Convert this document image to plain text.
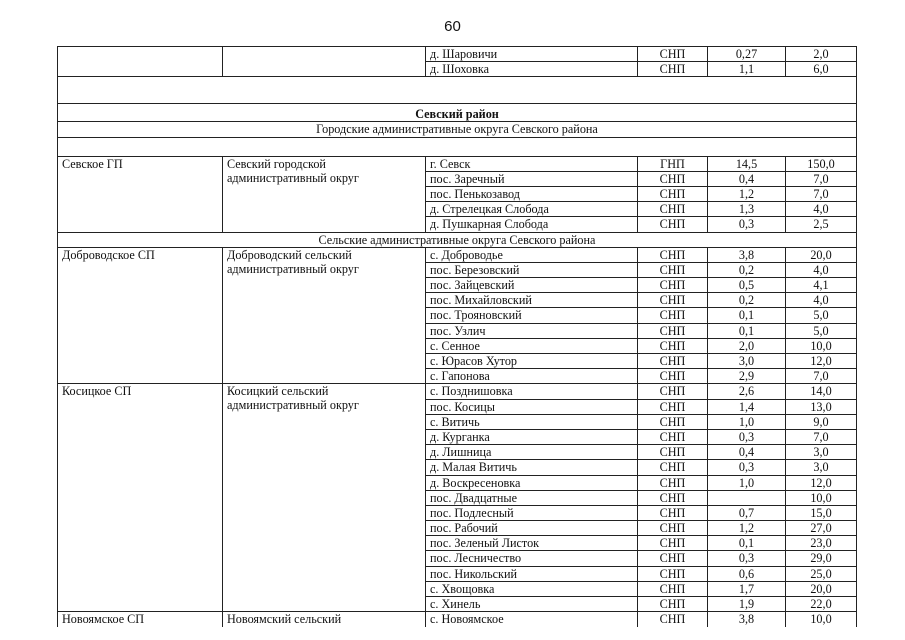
60
		д. Шаровичи	СНП	0,27	2,0
		д. Шоховка	СНП	1,1	6,0

Севский район					
Городские административные округа Севского района					

Севское ГП	Севский городской административный округ	г. Севск	ГНП	14,5	150,0
		пос. Заречный	СНП	0,4	7,0
		пос. Пенькозавод	СНП	1,2	7,0
		д. Стрелецкая Слобода	СНП	1,3	4,0
		д. Пушкарная Слобода	СНП	0,3	2,5
Сельские административные округа Севского района					
Доброводское СП	Доброводский сельский административный округ	с. Доброводье	СНП	3,8	20,0
		пос. Березовский	СНП	0,2	4,0
		пос. Зайцевский	СНП	0,5	4,1
		пос. Михайловский	СНП	0,2	4,0
		пос. Трояновский	СНП	0,1	5,0
		пос. Узлич	СНП	0,1	5,0
		с. Сенное	СНП	2,0	10,0
		с. Юрасов Хутор	СНП	3,0	12,0
		с. Гапонова	СНП	2,9	7,0
Косицкое СП	Косицкий сельский административный округ	с. Позднишовка	СНП	2,6	14,0
		пос. Косицы	СНП	1,4	13,0
		с. Витичь	СНП	1,0	9,0
		д. Курганка	СНП	0,3	7,0
		д. Лишница	СНП	0,4	3,0
		д. Малая Витичь	СНП	0,3	3,0
		д. Воскресеновка	СНП	1,0	12,0
		пос. Двадцатные	СНП		10,0
		пос. Подлесный	СНП	0,7	15,0
		пос. Рабочий	СНП	1,2	27,0
		пос. Зеленый Листок	СНП	0,1	23,0
		пос. Лесничество	СНП	0,3	29,0
		пос. Никольский	СНП	0,6	25,0
		с. Хвощовка	СНП	1,7	20,0
		с. Хинель	СНП	1,9	22,0
Новоямское СП	Новоямский сельский	с. Новоямское	СНП	3,8	10,0
